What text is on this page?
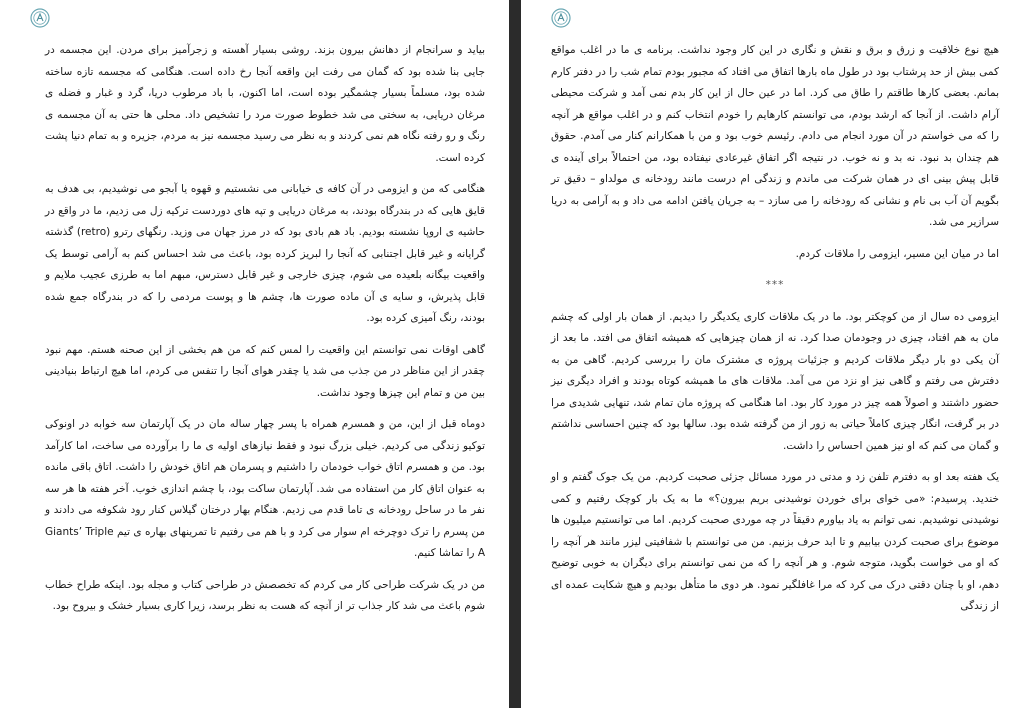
بیاید و سرانجام از دهانش بیرون بزند. روشی بسیار آهسته و زجرآمیز برای مردن. این مجسمه در جایی بنا شده بود که گمان می رفت این واقعه آنجا رخ داده است. هنگامی که مجسمه تازه ساخته شده بود، مسلماً بسیار چشمگیر بوده است، اما اکنون، با باد مرطوب دریا، گرد و غبار و فضله ی مرغان دریایی، به سختی می شد خطوط صورت مرد را تشخیص داد. محلی ها حتی به آن مجسمه ی رنگ و رو رفته نگاه هم نمی کردند و به نظر می رسید مجسمه نیز به مردم، جزیره و به تمام دنیا پشت کرده است.

هنگامی که من و ایزومی در آن کافه ی خیابانی می نشستیم و قهوه یا آبجو می نوشیدیم، بی هدف به قایق هایی که در بندرگاه بودند، به مرغان دریایی و تپه های دوردست ترکیه زل می زدیم، ما در واقع در حاشیه ی اروپا نشسته بودیم. باد هم بادی بود که در مرز جهان می وزید. رنگهای رترو (retro) گذشته گرایانه و غیر قابل اجتنابی که آنجا را لبریز کرده بود، باعث می شد احساس کنم به آرامی توسط یک واقعیت بیگانه بلعیده می شوم، چیزی خارجی و غیر قابل دسترس، مبهم اما به طرزی عجیب ملایم و قابل پذیرش، و سایه ی آن ماده صورت ها، چشم ها و پوست مردمی را که در بندرگاه جمع شده بودند، رنگ آمیزی کرده بود.

گاهی اوقات نمی توانستم این واقعیت را لمس کنم که من هم بخشی از این صحنه هستم. مهم نبود چقدر از این مناظر در من جذب می شد یا چقدر هوای آنجا را تنفس می کردم، اما هیچ ارتباط بنیادینی بین من و تمام این چیزها وجود نداشت.

دوماه قبل از این، من و همسرم همراه با پسر چهار ساله مان در یک آپارتمان سه خوابه در اونوکی توکیو زندگی می کردیم. خیلی بزرگ نبود و فقط نیازهای اولیه ی ما را برآورده می ساخت، اما کارآمد بود. من و همسرم اتاق خواب خودمان را داشتیم و پسرمان هم اتاق خودش را داشت. اتاق باقی مانده به عنوان اتاق کار من استفاده می شد. آپارتمان ساکت بود، با چشم اندازی خوب. آخر هفته ها هر سه نفر ما در ساحل رودخانه ی تاما قدم می زدیم. هنگام بهار درختان گیلاس کنار رود شکوفه می دادند و من پسرم را ترک دوچرخه ام سوار می کرد و با هم می رفتیم تا تمرینهای بهاره ی تیم Giants’ Triple A را تماشا کنیم.

من در یک شرکت طراحی کار می کردم که تخصصش در طراحی کتاب و مجله بود. اینکه طراح خطاب شوم باعث می شد کار جذاب تر از آنچه که هست به نظر برسد، زیرا کاری بسیار خشک و بیروح بود.

هیچ نوع خلاقیت و زرق و برق و نقش و نگاری در این کار وجود نداشت. برنامه ی ما در اغلب مواقع کمی بیش از حد پرشتاب بود در طول ماه بارها اتفاق می افتاد که مجبور بودم تمام شب را در دفتر کارم بمانم. بعضی کارها طاقتم را طاق می کرد. اما در عین حال از این کار بدم نمی آمد و شرکت محیطی آرام داشت. از آنجا که ارشد بودم، می توانستم کارهایم را خودم انتخاب کنم و در اغلب مواقع هر آنچه را که می خواستم در آن مورد انجام می دادم. رئیسم خوب بود و من با همکارانم کنار می آمدم. حقوق هم چندان بد نبود. نه بد و نه خوب. در نتیجه اگر اتفاق غیرعادی نیفتاده بود، من احتمالاً برای آینده ی قابل پیش بینی ای در همان شرکت می ماندم و زندگی ام درست مانند رودخانه ی مولداو – دقیق تر بگویم آن آب بی نام و نشانی که رودخانه را می سازد – به جریان یافتن ادامه می داد و به آرامی به دریا سرازیر می شد.

اما در میان این مسیر، ایزومی را ملاقات کردم.

***

ایزومی ده سال از من کوچکتر بود. ما در یک ملاقات کاری یکدیگر را دیدیم. از همان بار اولی که چشم مان به هم افتاد، چیزی در وجودمان صدا کرد. نه از همان چیزهایی که همیشه اتفاق می افتد. ما بعد از آن یکی دو بار دیگر ملاقات کردیم و جزئیات پروژه ی مشترک مان را بررسی کردیم. گاهی من به دفترش می رفتم و گاهی نیز او نزد من می آمد. ملاقات های ما همیشه کوتاه بودند و افراد دیگری نیز حضور داشتند و اصولاً همه چیز در مورد کار بود. اما هنگامی که پروژه مان تمام شد، تنهایی شدیدی مرا در بر گرفت، انگار چیزی کاملاً حیاتی به زور از من گرفته شده بود. سالها بود که چنین احساسی نداشتم و گمان می کنم که او نیز همین احساس را داشت.

یک هفته بعد او به دفترم تلفن زد و مدتی در مورد مسائل جزئی صحبت کردیم. من یک جوک گفتم و او خندید. پرسیدم: «می خوای برای خوردن نوشیدنی بریم بیرون؟» ما به یک بار کوچک رفتیم و کمی نوشیدنی نوشیدیم. نمی توانم به یاد بیاورم دقیقاً در چه موردی صحبت کردیم. اما می توانستیم میلیون ها موضوع برای صحبت کردن بیابیم و تا ابد حرف بزنیم. من می توانستم با شفافیتی لیزر مانند هر آنچه را که او می خواست بگوید، متوجه شوم. و هر آنچه را که من نمی توانستم برای دیگران به خوبی توضیح دهم، او با چنان دقتی درک می کرد که مرا غافلگیر نمود. هر دوی ما متأهل بودیم و هیچ شکایت عمده ای از زندگی
